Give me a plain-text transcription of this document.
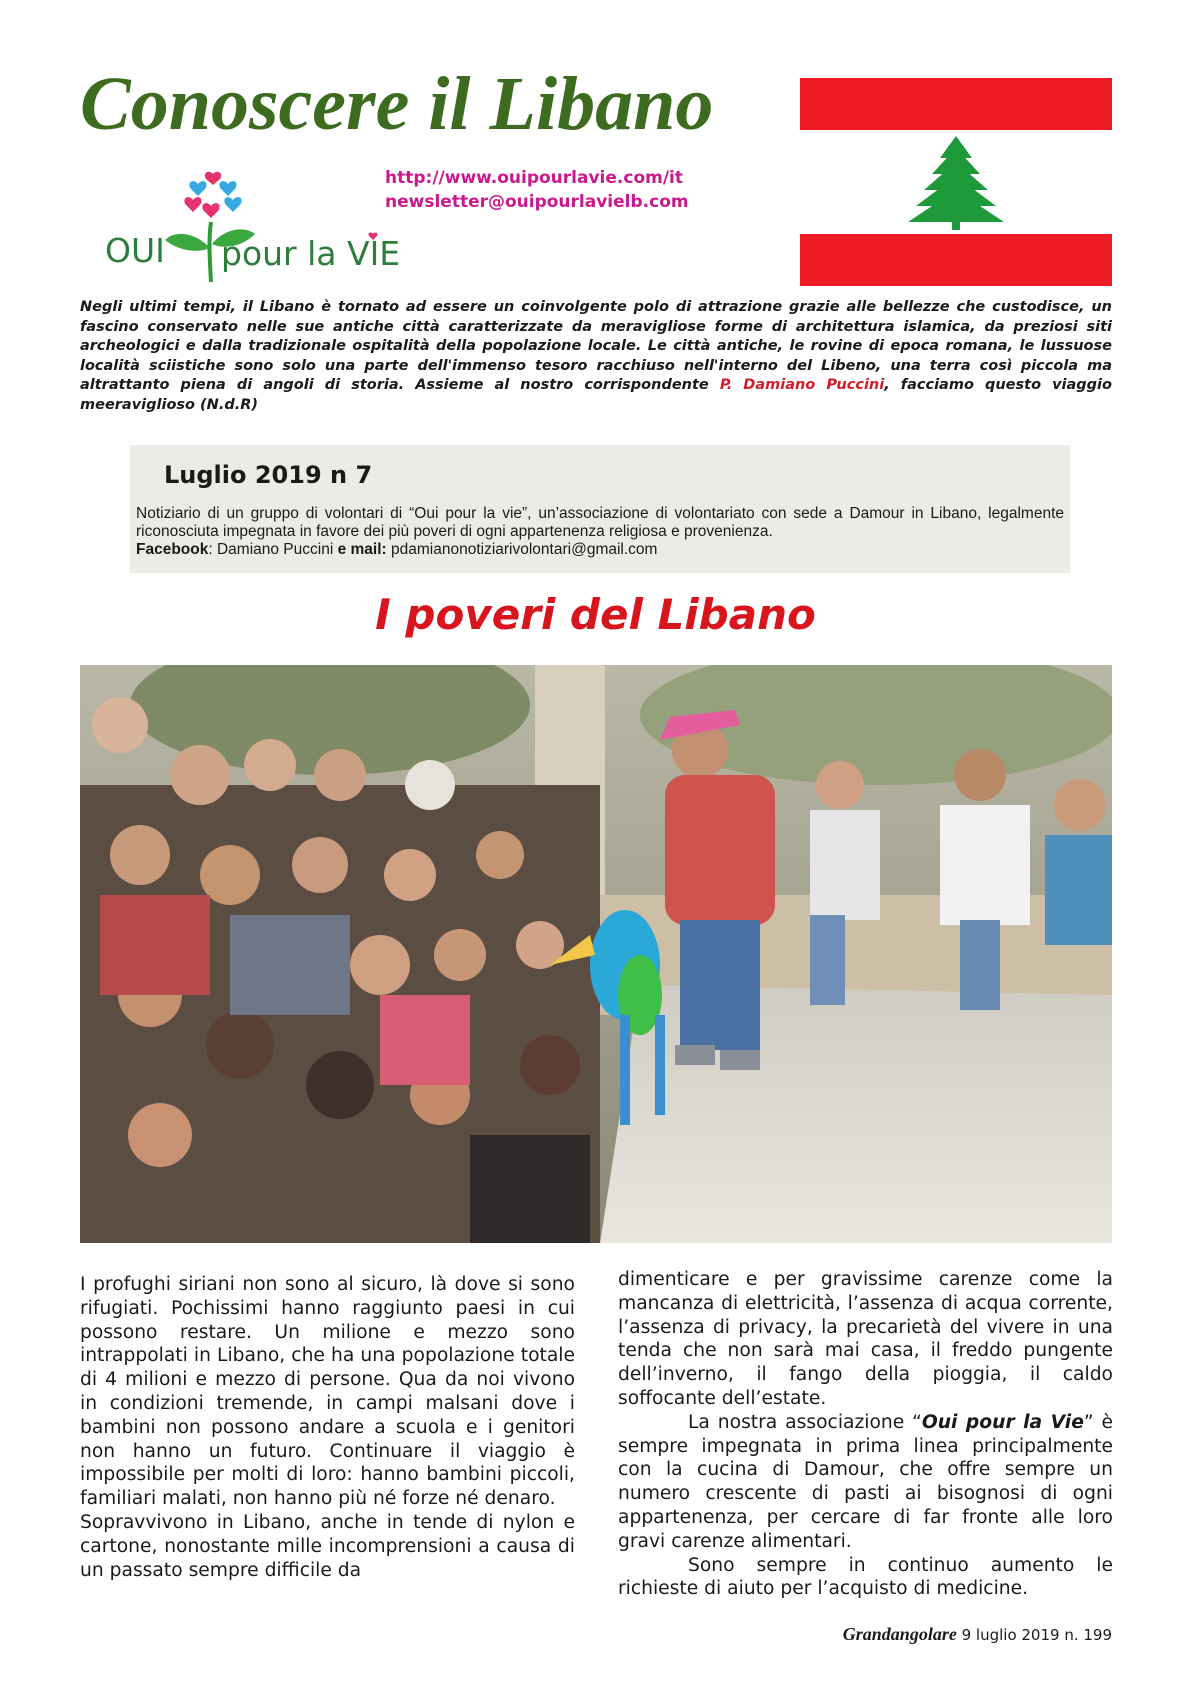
Conoscere il Libano
http://www.ouipourlavie.com/it
newsletter@ouipourlavielb.com
OUI pour la VIE

Negli ultimi tempi, il Libano è tornato ad essere un coinvolgente polo di attrazione grazie alle bellezze che custodisce, un fascino conservato nelle sue antiche città caratterizzate da meravigliose forme di architettura islamica, da preziosi siti archeologici e dalla tradizionale ospitalità della popolazione locale. Le città antiche, le rovine di epoca romana, le lussuose località sciistiche sono solo una parte dell'immenso tesoro racchiuso nell'interno del Libeno, una terra così piccola ma altrattanto piena di angoli di storia. Assieme al nostro corrispondente P. Damiano Puccini, facciamo questo viaggio meeraviglioso (N.d.R)

Luglio 2019 n 7

Notiziario di un gruppo di volontari di “Oui pour la vie”, un’associazione di volontariato con sede a Damour in Libano, legalmente riconosciuta impegnata in favore dei più poveri di ogni appartenenza religiosa e provenienza.
Facebook: Damiano Puccini e mail: pdamianonotiziarivolontari@gmail.com

I poveri del Libano

I profughi siriani non sono al sicuro, là dove si sono rifugiati. Pochissimi hanno raggiunto paesi in cui possono restare. Un milione e mezzo sono intrappolati in Libano, che ha una popolazione totale di 4 milioni e mezzo di persone. Qua da noi vivono in condizioni tremende, in campi malsani dove i bambini non possono andare a scuola e i genitori non hanno un futuro. Continuare il viaggio è impossibile per molti di loro: hanno bambini piccoli, familiari malati, non hanno più né forze né denaro.

Sopravvivono in Libano, anche in tende di nylon e cartone, nonostante mille incomprensioni a causa di un passato sempre difficile da

dimenticare e per gravissime carenze come la mancanza di elettricità, l’assenza di acqua corrente, l’assenza di privacy, la precarietà del vivere in una tenda che non sarà mai casa, il freddo pungente dell’inverno, il fango della pioggia, il caldo soffocante dell’estate.

La nostra associazione “Oui pour la Vie” è sempre impegnata in prima linea principalmente con la cucina di Damour, che offre sempre un numero crescente di pasti ai bisognosi di ogni appartenenza, per cercare di far fronte alle loro gravi carenze alimentari.

Sono sempre in continuo aumento le richieste di aiuto per l’acquisto di medicine.

Grandangolare 9 luglio 2019 n. 199
